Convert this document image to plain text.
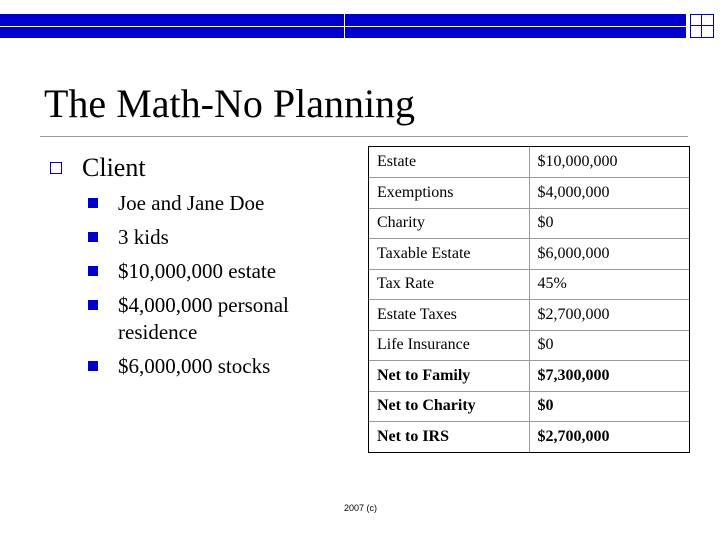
The Math-No Planning
Client
Joe and Jane Doe
3 kids
$10,000,000 estate
$4,000,000 personal residence
$6,000,000 stocks
Estate	$10,000,000
Exemptions	$4,000,000
Charity	$0
Taxable Estate	$6,000,000
Tax Rate	45%
Estate Taxes	$2,700,000
Life Insurance	$0
Net to Family	$7,300,000
Net to Charity	$0
Net to IRS	$2,700,000
2007 (c)
